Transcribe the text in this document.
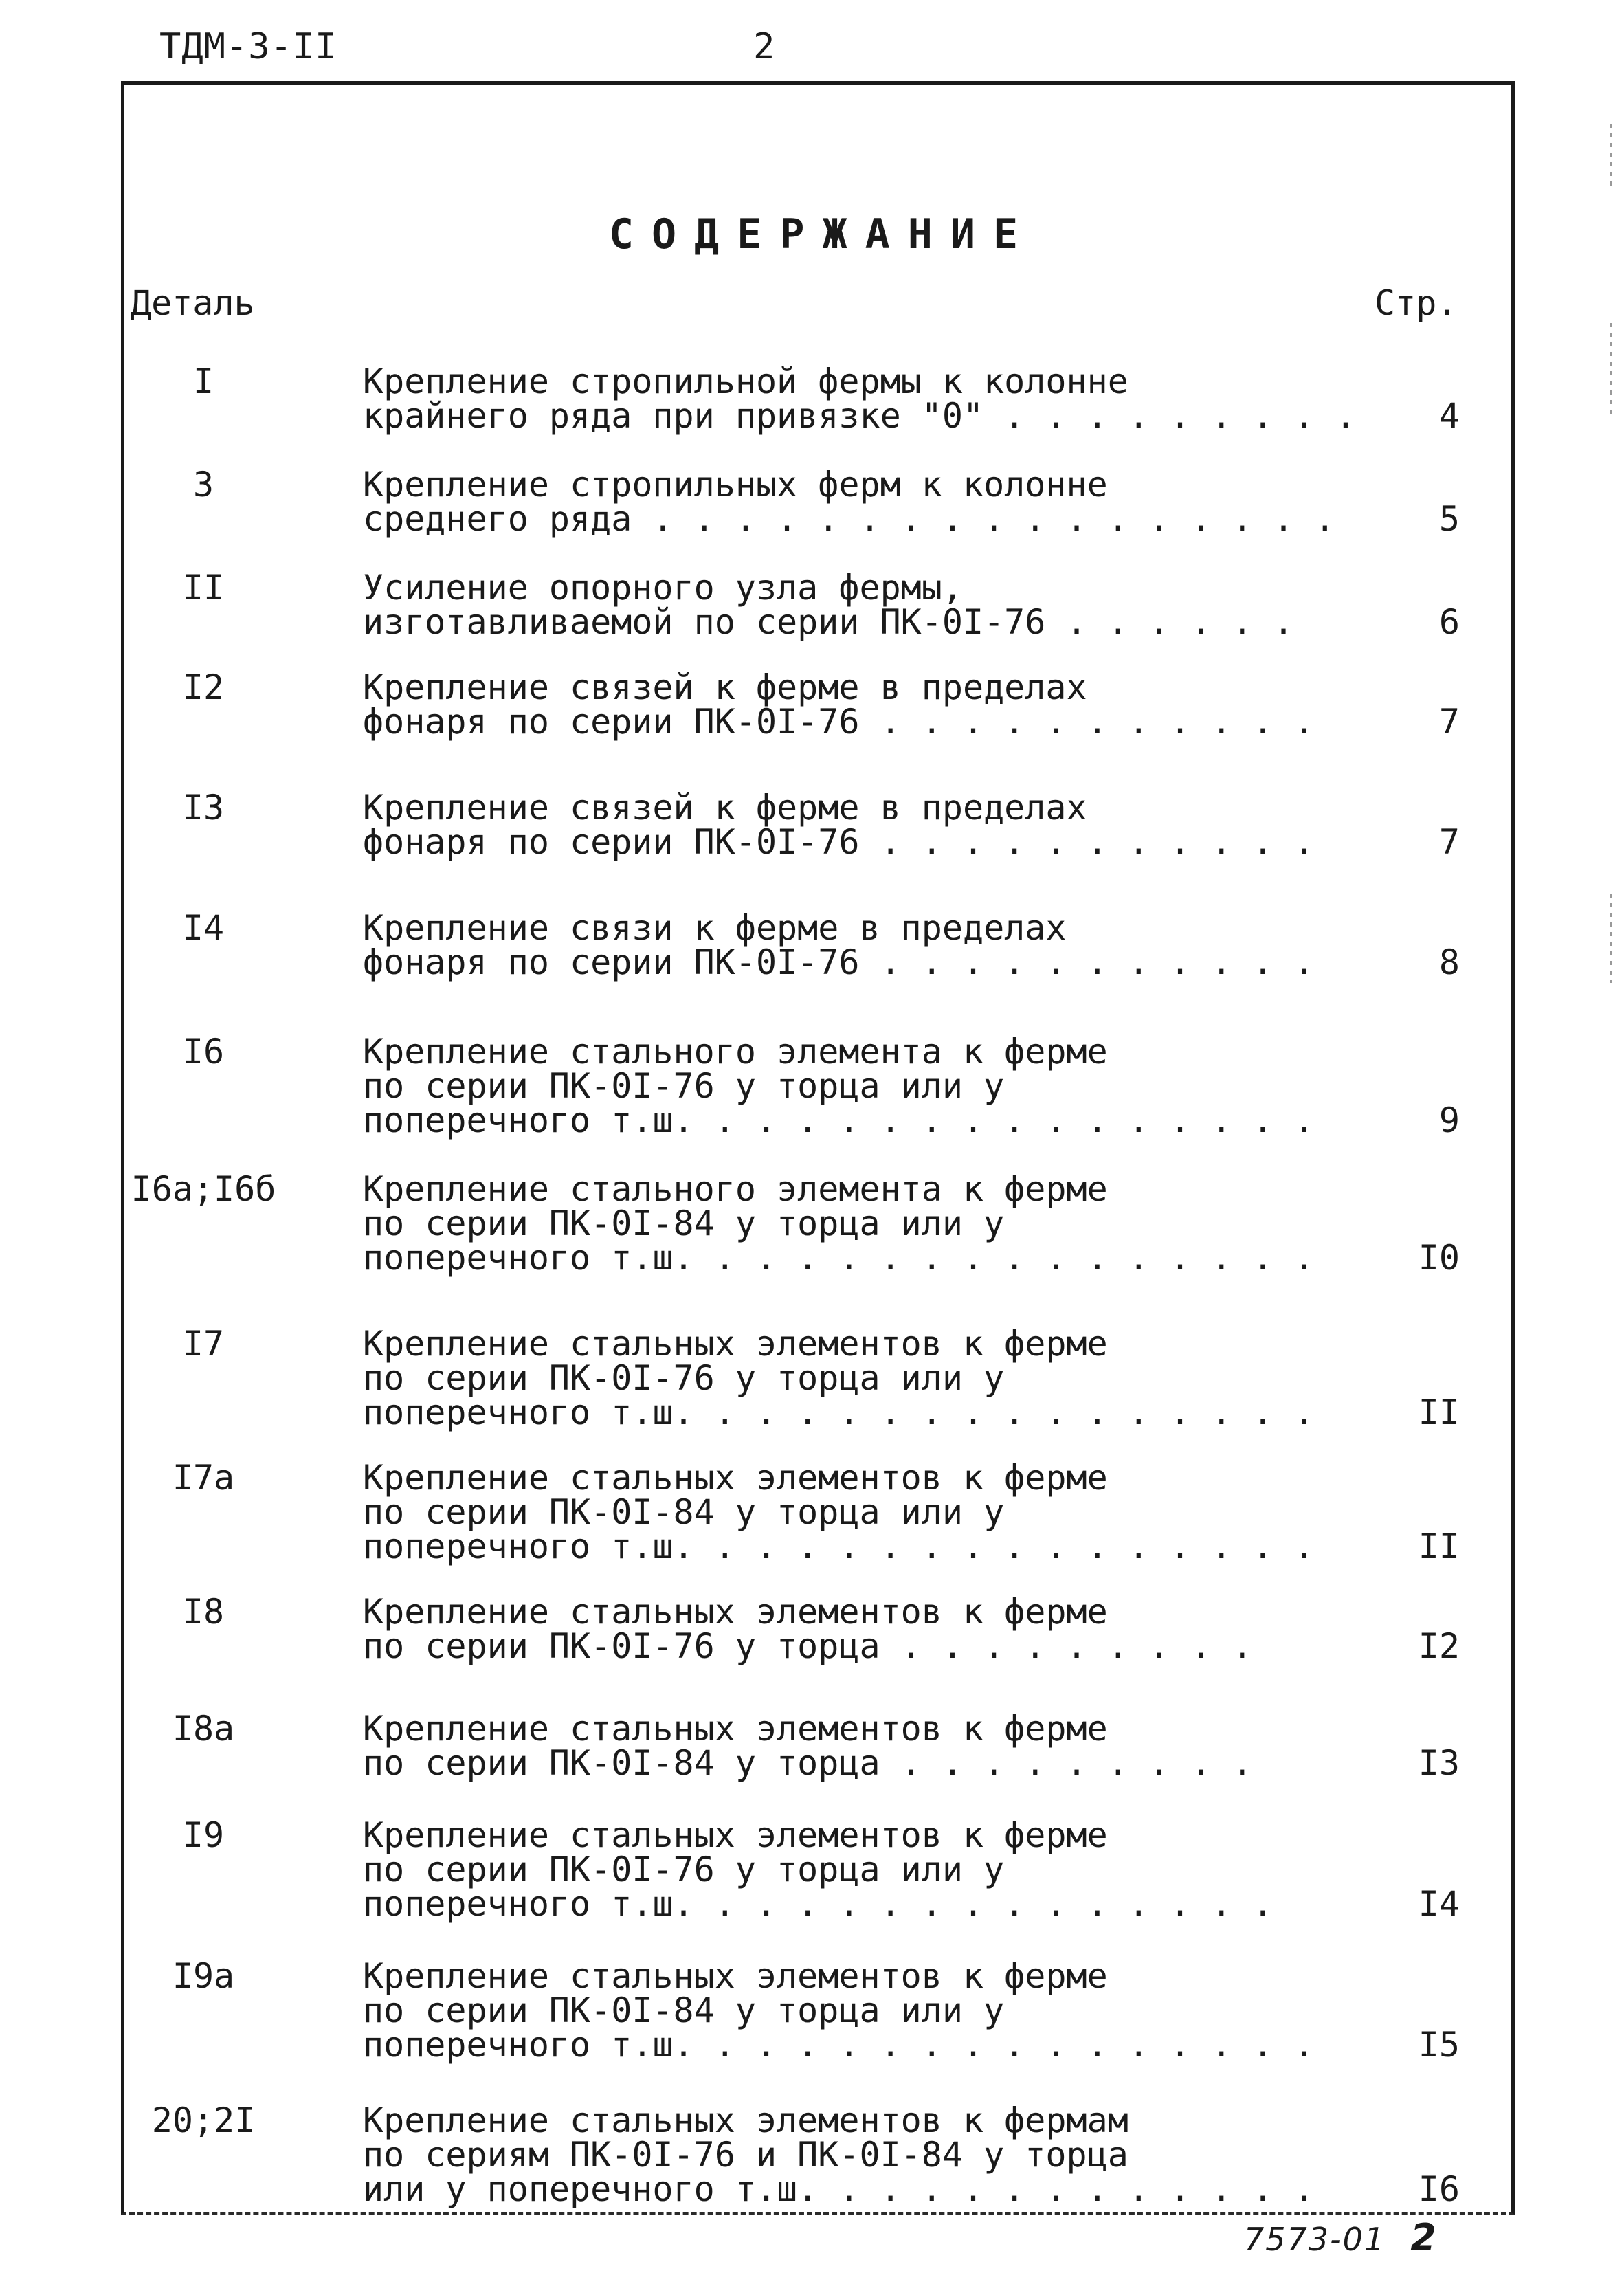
ТДМ-3-II	2
СОДЕРЖАНИЕ
Деталь	Стр.
I	Крепление стропильной фермы к колонне
крайнего ряда при привязке "0" . . . . . . . . .	4
3	Крепление стропильных ферм к колонне
среднего ряда . . . . . . . . . . . . . . . . .	5
II	Усиление опорного узла фермы,
изготавливаемой по серии ПК-0I-76 . . . . . .	6
I2	Крепление связей к ферме в пределах
фонаря по серии ПК-0I-76 . . . . . . . . . . .	7
I3	Крепление связей к ферме в пределах
фонаря по серии ПК-0I-76 . . . . . . . . . . .	7
I4	Крепление связи к ферме в пределах
фонаря по серии ПК-0I-76 . . . . . . . . . . .	8
I6	Крепление стального элемента к ферме
по серии ПК-0I-76 у торца или у
поперечного т.ш. . . . . . . . . . . . . . . .	9
I6а;I6б	Крепление стального элемента к ферме
по серии ПК-0I-84 у торца или у
поперечного т.ш. . . . . . . . . . . . . . . .	I0
I7	Крепление стальных элементов к ферме
по серии ПК-0I-76 у торца или у
поперечного т.ш. . . . . . . . . . . . . . . .	II
I7а	Крепление стальных элементов к ферме
по серии ПК-0I-84 у торца или у
поперечного т.ш. . . . . . . . . . . . . . . .	II
I8	Крепление стальных элементов к ферме
по серии ПК-0I-76 у торца . . . . . . . . .	I2
I8а	Крепление стальных элементов к ферме
по серии ПК-0I-84 у торца . . . . . . . . .	I3
I9	Крепление стальных элементов к ферме
по серии ПК-0I-76 у торца или у
поперечного т.ш. . . . . . . . . . . . . . .	I4
I9а	Крепление стальных элементов к ферме
по серии ПК-0I-84 у торца или у
поперечного т.ш. . . . . . . . . . . . . . . .	I5
20;2I	Крепление стальных элементов к фермам
по сериям ПК-0I-76 и ПК-0I-84 у торца
или у поперечного т.ш. . . . . . . . . . . . .	I6
7573-01 2
